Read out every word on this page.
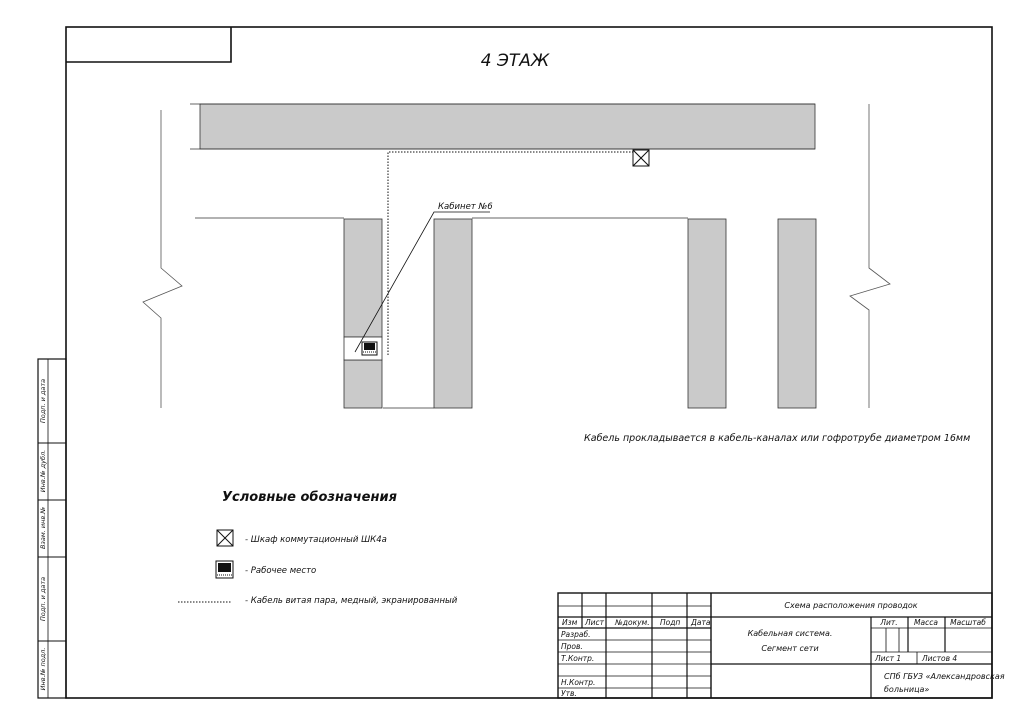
4 ЭТАЖ
Кабинет №6
Кабель прокладывается в кабель-каналах или гофротрубе диаметром 16мм
Условные обозначения
- Шкаф коммутационный ШК4а
- Рабочее место
- Кабель витая пара, медный, экранированный
Подп. и дата
Инв.№ дубл.
Взам. инв.№
Подп. и дата
Инв.№ подл.
Изм Лист №докум. Подп Дата
Разраб.
Пров.
Т.Контр.
Н.Контр.
Утв.
Схема расположения проводок
Кабельная система.
Сегмент сети
Лит. Масса Масштаб
Лист 1	Листов 4
СПб ГБУЗ «Александровская
больница»
